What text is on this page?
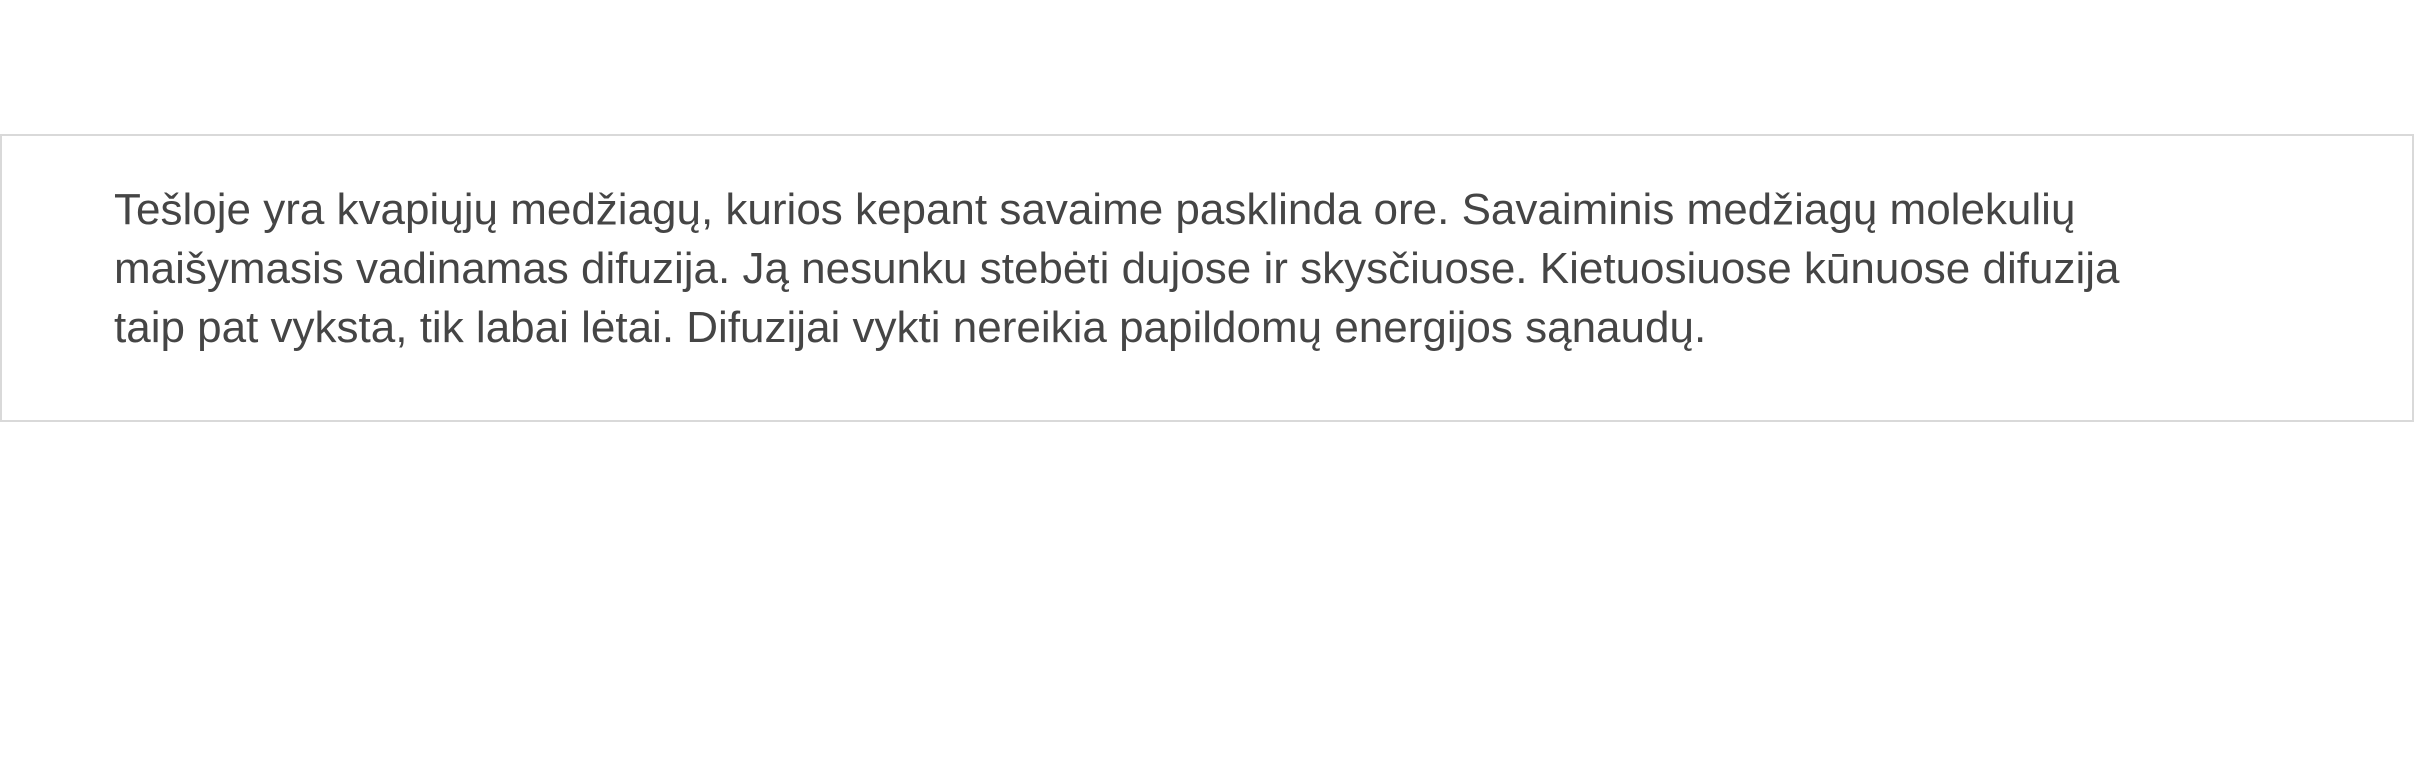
Tešloje yra kvapiųjų medžiagų, kurios kepant savaime pasklinda ore. Savaiminis medžiagų molekulių
maišymasis vadinamas difuzija. Ją nesunku stebėti dujose ir skysčiuose. Kietuosiuose kūnuose difuzija
taip pat vyksta, tik labai lėtai. Difuzijai vykti nereikia papildomų energijos sąnaudų.
